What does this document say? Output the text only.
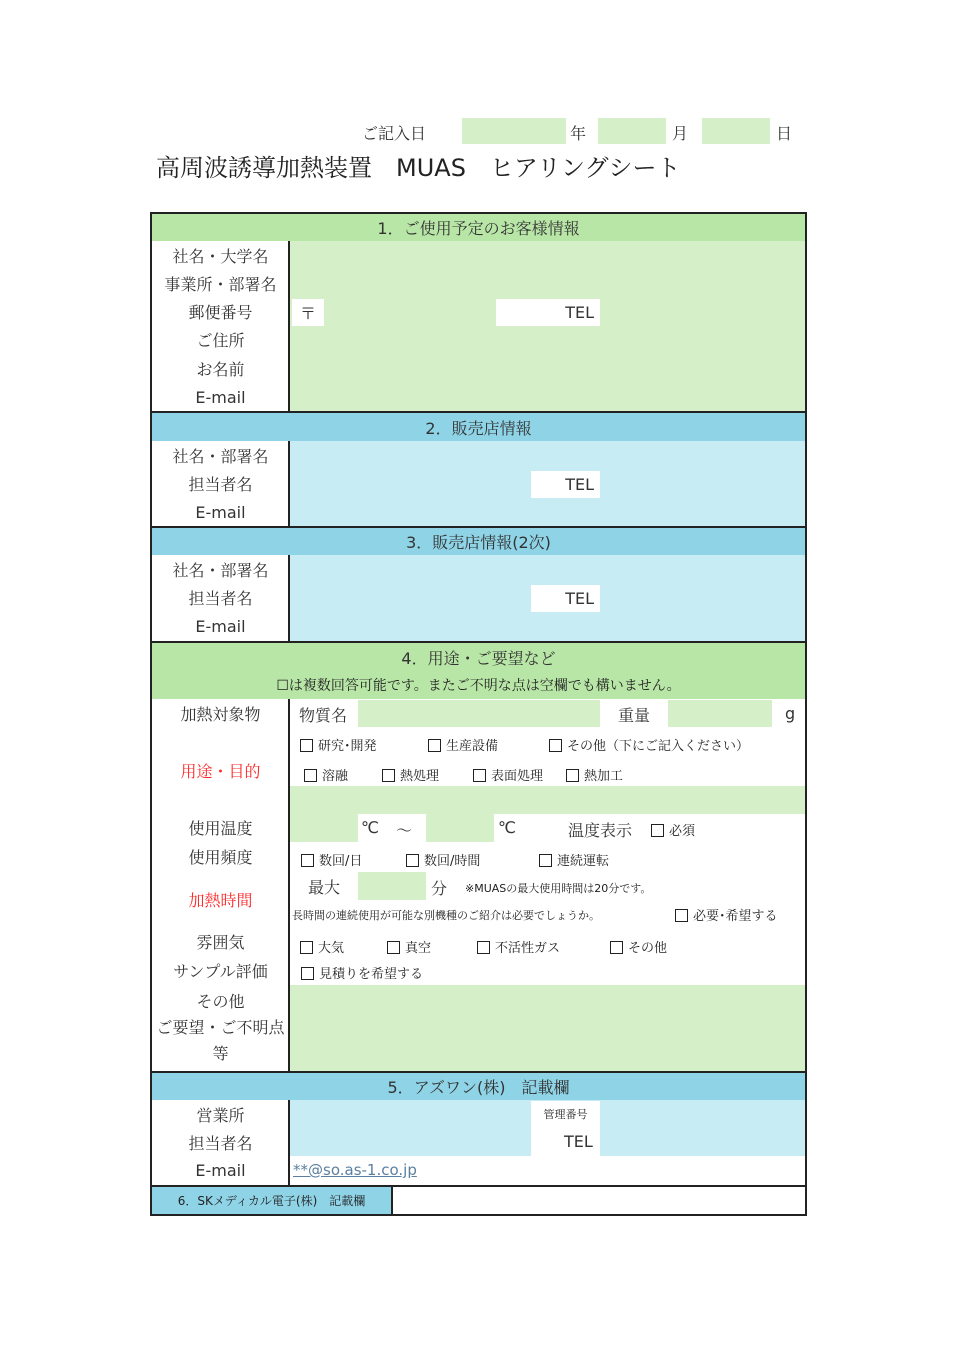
ご記入日	年	月	日
高周波誘導加熱装置　MUAS　ヒアリングシート
1．ご使用予定のお客様情報
社名・大学名
事業所・部署名
郵便番号	〒	TEL
ご住所
お名前
E-mail
2．販売店情報
社名・部署名
担当者名	TEL
E-mail
3．販売店情報(2次)
社名・部署名
担当者名	TEL
E-mail
4．用途・ご要望など
☐は複数回答可能です。またご不明な点は空欄でも構いません。
加熱対象物	物質名	重量	g
用途・目的
研究･開発	生産設備	その他（下にご記入ください）
溶融	熱処理	表面処理	熱加工
使用温度	℃ ～	℃	温度表示	必須
使用頻度	数回/日	数回/時間	連続運転
加熱時間
最大	分 ※MUASの最大使用時間は20分です。
長時間の連続使用が可能な別機種のご紹介は必要でしょうか。	必要･希望する
雰囲気	大気	真空	不活性ガス	その他
サンプル評価	見積りを希望する
その他
ご要望・ご不明点
等
5．アズワン(株)　記載欄
営業所	管理番号
担当者名	TEL
E-mail	**@so.as-1.co.jp
6．SKメディカル電子(株)　記載欄
